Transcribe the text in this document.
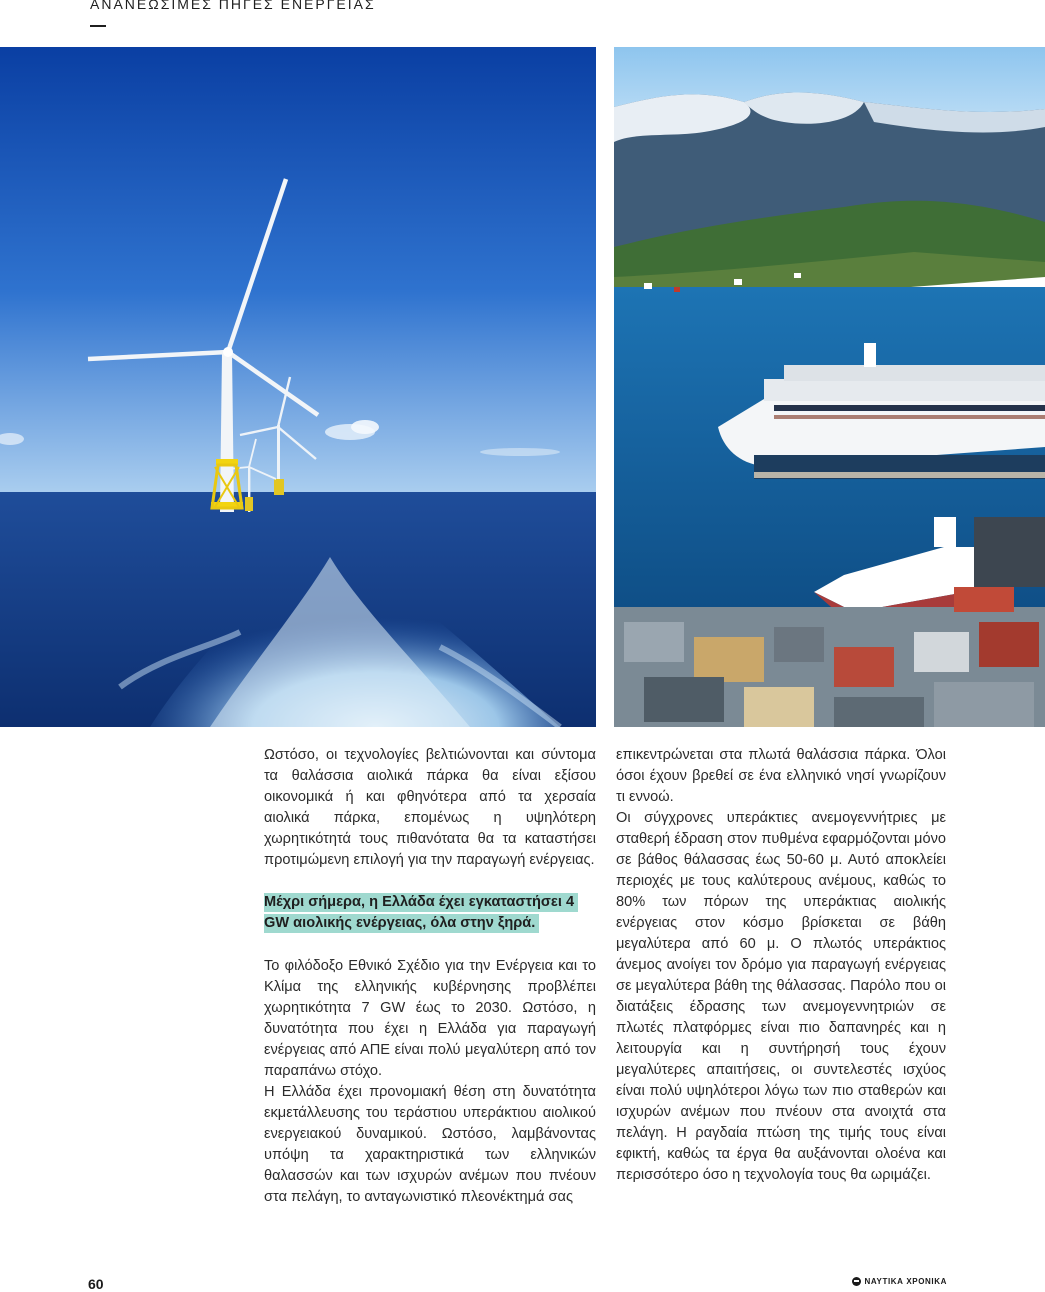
ΑΝΑΝΕΩΣΙΜΕΣ ΠΗΓΕΣ ΕΝΕΡΓΕΙΑΣ

Ωστόσο, οι τεχνολογίες βελτιώνονται και σύντομα τα θαλάσσια αιολικά πάρκα θα είναι εξίσου οικονομικά ή και φθηνότερα από τα χερσαία αιολικά πάρκα, επομένως η υψηλότερη χωρητικότητά τους πιθανότατα θα τα καταστήσει προτιμώμενη επιλογή για την παραγωγή ενέργειας.

Μέχρι σήμερα, η Ελλάδα έχει εγκαταστήσει 4 GW αιολικής ενέργειας, όλα στην ξηρά.

Το φιλόδοξο Εθνικό Σχέδιο για την Ενέργεια και το Κλίμα της ελληνικής κυβέρνησης προβλέπει χωρητικότητα 7 GW έως το 2030. Ωστόσο, η δυνατότητα που έχει η Ελλάδα για παραγωγή ενέργειας από ΑΠΕ είναι πολύ μεγαλύτερη από τον παραπάνω στόχο.

Η Ελλάδα έχει προνομιακή θέση στη δυνατότητα εκμετάλλευσης του τεράστιου υπεράκτιου αιολικού ενεργειακού δυναμικού. Ωστόσο, λαμβάνοντας υπόψη τα χαρακτηριστικά των ελληνικών θαλασσών και των ισχυρών ανέμων που πνέουν στα πελάγη, το ανταγωνιστικό πλεονέκτημά σας

επικεντρώνεται στα πλωτά θαλάσσια πάρκα. Όλοι όσοι έχουν βρεθεί σε ένα ελληνικό νησί γνωρίζουν τι εννοώ.

Οι σύγχρονες υπεράκτιες ανεμογεννήτριες με σταθερή έδραση στον πυθμένα εφαρμόζονται μόνο σε βάθος θάλασσας έως 50-60 μ. Αυτό αποκλείει περιοχές με τους καλύτερους ανέμους, καθώς το 80% των πόρων της υπεράκτιας αιολικής ενέργειας στον κόσμο βρίσκεται σε βάθη μεγαλύτερα από 60 μ. Ο πλωτός υπεράκτιος άνεμος ανοίγει τον δρόμο για παραγωγή ενέργειας σε μεγαλύτερα βάθη της θάλασσας. Παρόλο που οι διατάξεις έδρασης των ανεμογεννητριών σε πλωτές πλατφόρμες είναι πιο δαπανηρές και η λειτουργία και η συντήρησή τους έχουν μεγαλύτερες απαιτήσεις, οι συντελεστές ισχύος είναι πολύ υψηλότεροι λόγω των πιο σταθερών και ισχυρών ανέμων που πνέουν στα ανοιχτά στα πελάγη. Η ραγδαία πτώση της τιμής τους είναι εφικτή, καθώς τα έργα θα αυξάνονται ολοένα και περισσότερο όσο η τεχνολογία τους θα ωριμάζει.

60	ΝΑΥΤΙΚΑ ΧΡΟΝΙΚΑ
